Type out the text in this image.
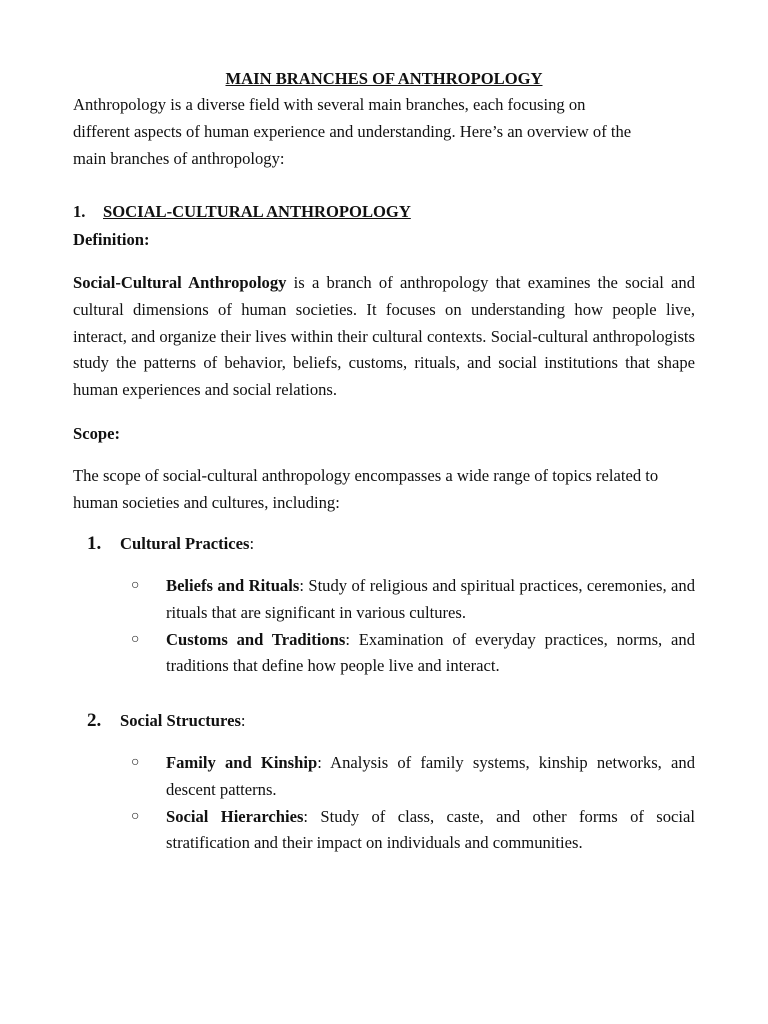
MAIN BRANCHES OF ANTHROPOLOGY

Anthropology is a diverse field with several main branches, each focusing on
different aspects of human experience and understanding. Here’s an overview of the
main branches of anthropology:

1. SOCIAL-CULTURAL ANTHROPOLOGY

Definition:

Social-Cultural Anthropology is a branch of anthropology that examines the social and cultural dimensions of human societies. It focuses on understanding how people live, interact, and organize their lives within their cultural contexts. Social-cultural anthropologists study the patterns of behavior, beliefs, customs, rituals, and social institutions that shape human experiences and social relations.

Scope:

The scope of social-cultural anthropology encompasses a wide range of topics related to human societies and cultures, including:

1. Cultural Practices:

○ Beliefs and Rituals: Study of religious and spiritual practices, ceremonies, and rituals that are significant in various cultures.
○ Customs and Traditions: Examination of everyday practices, norms, and traditions that define how people live and interact.

2. Social Structures:

○ Family and Kinship: Analysis of family systems, kinship networks, and descent patterns.
○ Social Hierarchies: Study of class, caste, and other forms of social stratification and their impact on individuals and communities.
